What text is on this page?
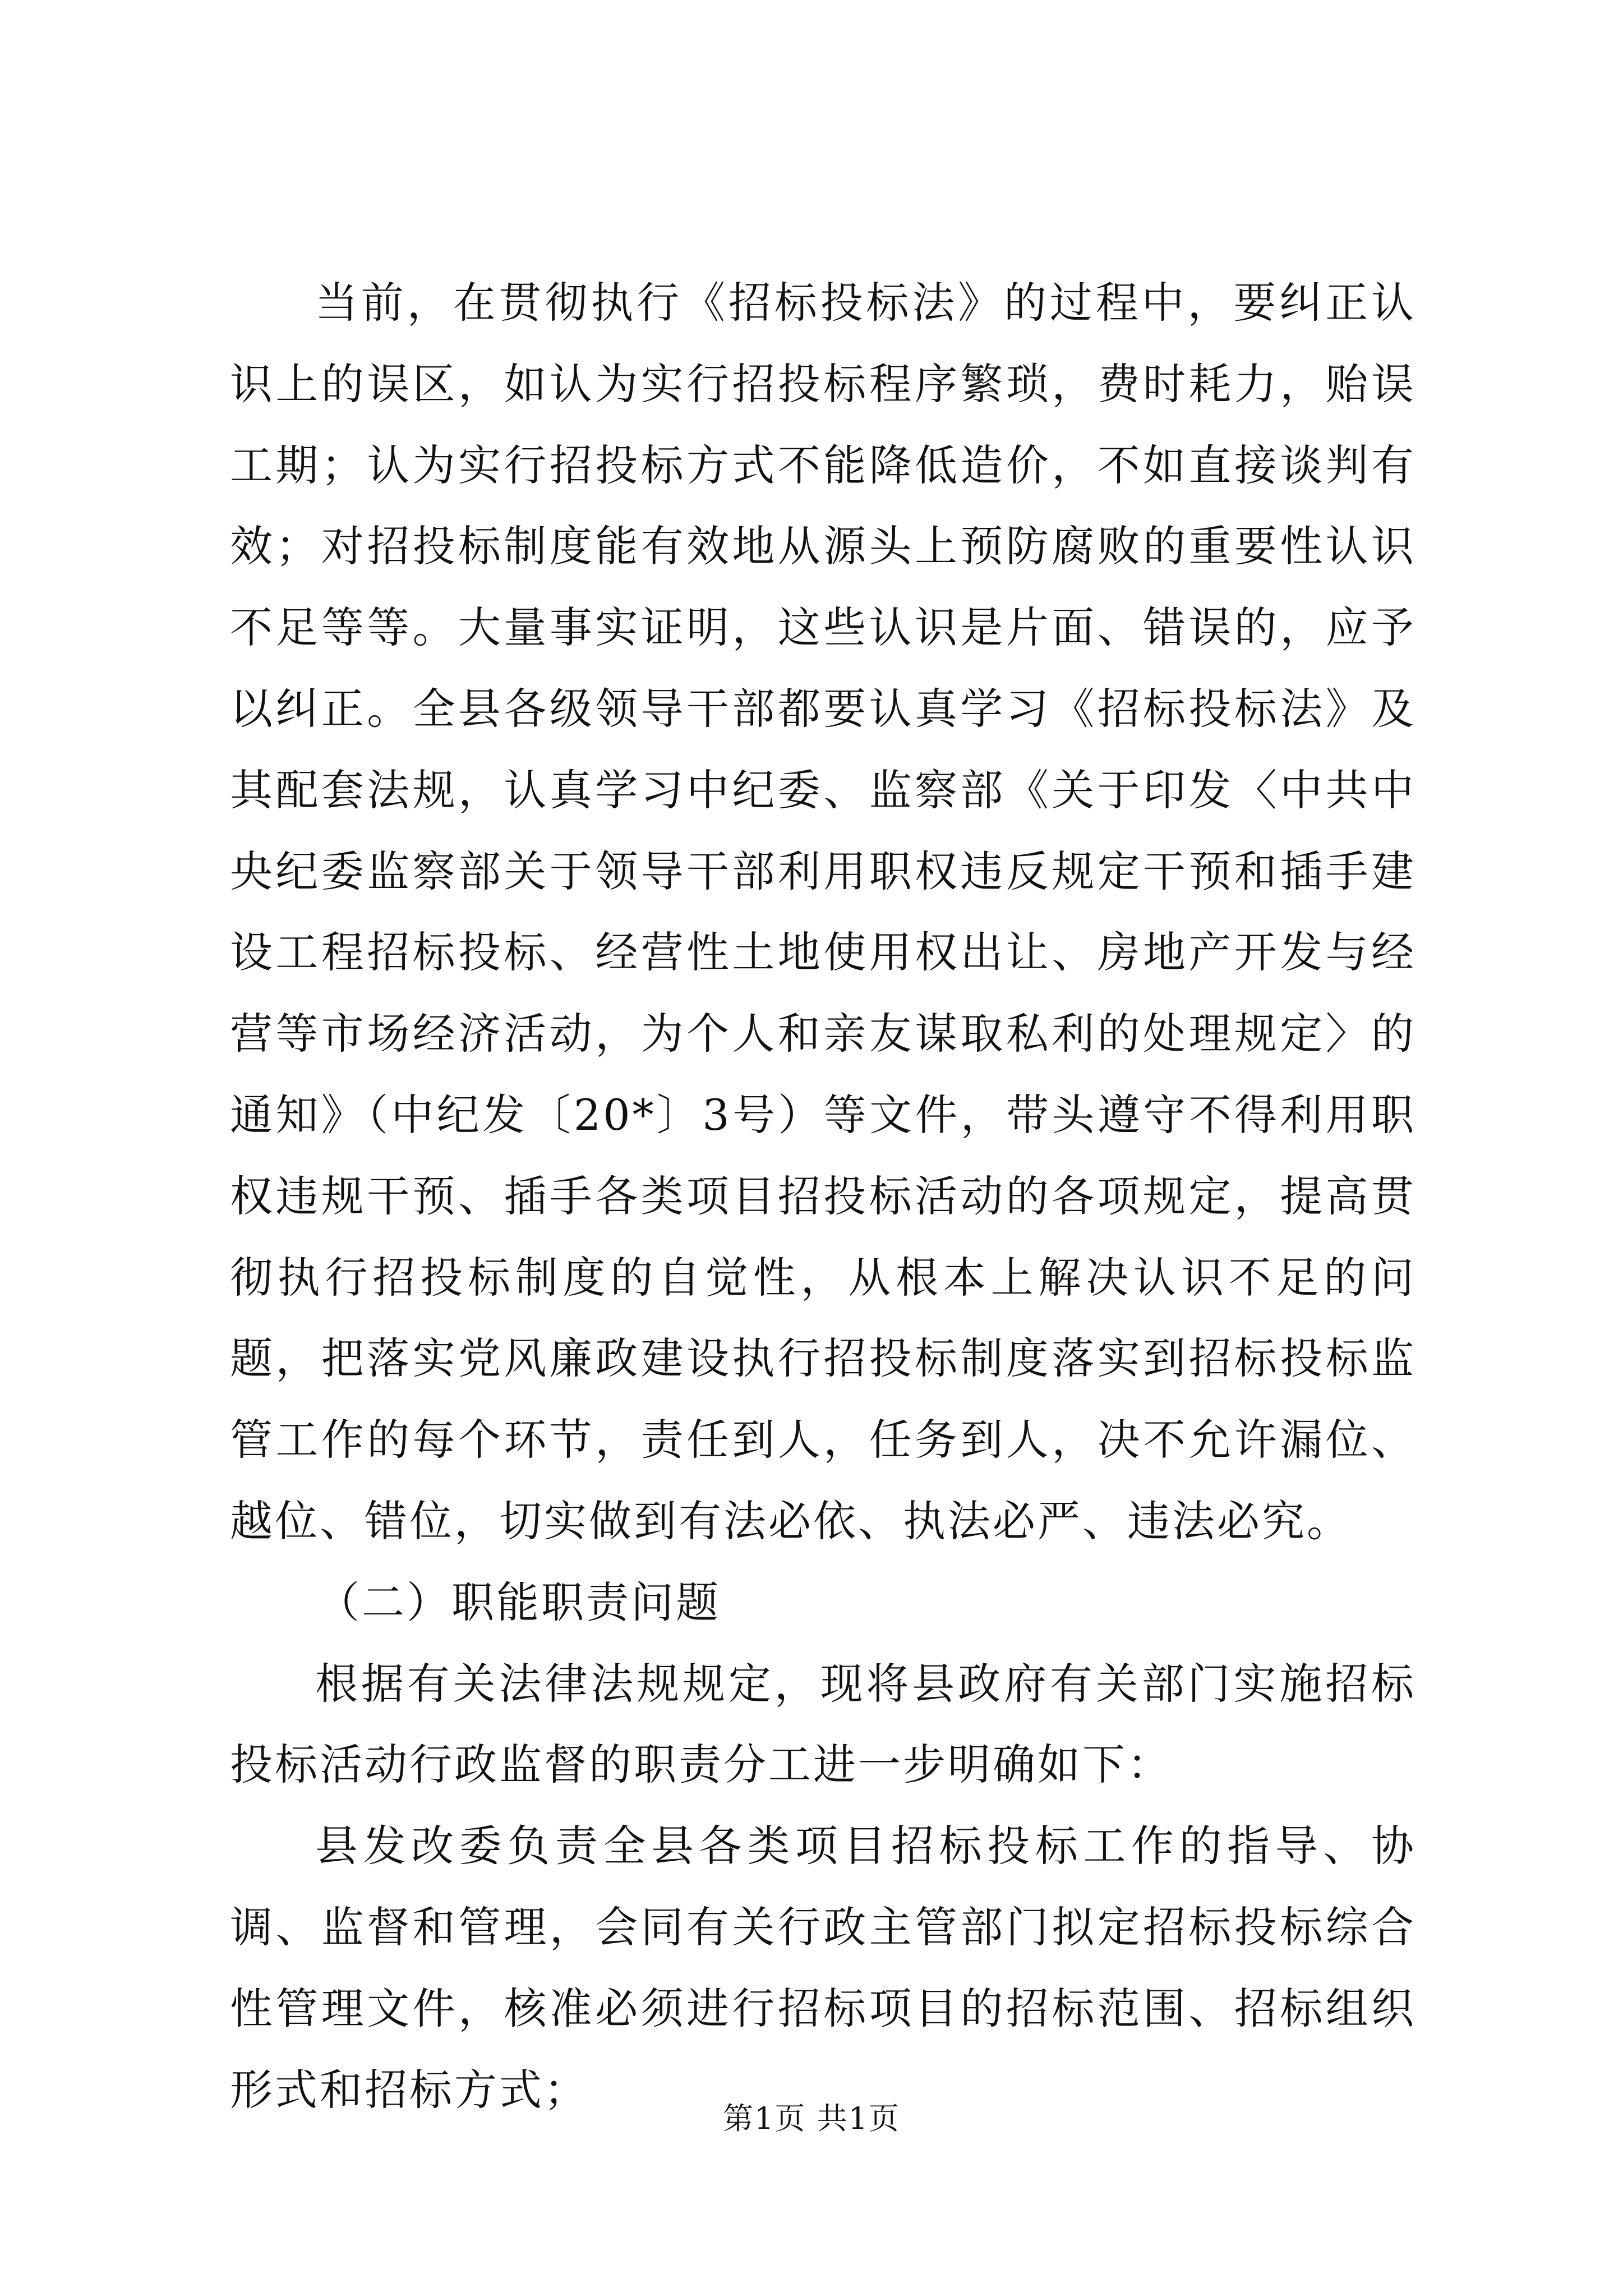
当前，在贯彻执行《招标投标法》的过程中，要纠正认识上的误区，如认为实行招投标程序繁琐，费时耗力，贻误工期；认为实行招投标方式不能降低造价，不如直接谈判有效；对招投标制度能有效地从源头上预防腐败的重要性认识不足等等。大量事实证明，这些认识是片面、错误的，应予以纠正。全县各级领导干部都要认真学习《招标投标法》及其配套法规，认真学习中纪委、监察部《关于印发〈中共中央纪委监察部关于领导干部利用职权违反规定干预和插手建设工程招标投标、经营性土地使用权出让、房地产开发与经营等市场经济活动，为个人和亲友谋取私利的处理规定〉的通知》（中纪发〔20*〕3号）等文件，带头遵守不得利用职权违规干预、插手各类项目招投标活动的各项规定，提高贯彻执行招投标制度的自觉性，从根本上解决认识不足的问题，把落实党风廉政建设执行招投标制度落实到招标投标监管工作的每个环节，责任到人，任务到人，决不允许漏位、越位、错位，切实做到有法必依、执法必严、违法必究。

（二）职能职责问题

根据有关法律法规规定，现将县政府有关部门实施招标投标活动行政监督的职责分工进一步明确如下：

县发改委负责全县各类项目招标投标工作的指导、协调、监督和管理，会同有关行政主管部门拟定招标投标综合性管理文件，核准必须进行招标项目的招标范围、招标组织形式和招标方式；

第1页 共1页
